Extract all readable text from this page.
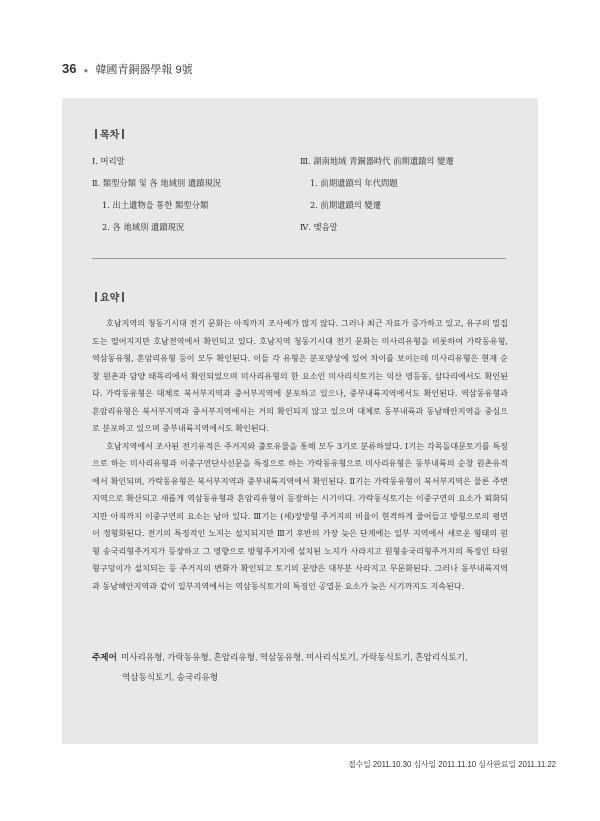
36 ● 韓國青銅器學報 9號
목차
Ⅰ. 머리말
Ⅱ. 類型分類 및 各 地域別 遺蹟現況
1. 出土遺物을 통한 類型分類
2. 各 地域別 遺蹟現況
Ⅲ. 湖南地域 青銅器時代 前期遺蹟의 變遷
1. 前期遺蹟의 年代問題
2. 前期遺蹟의 變遷
Ⅳ. 맺음말
요약

호남지역의 청동기시대 전기 문화는 아직까지 조사예가 많지 않다. 그러나 최근 자료가 증가하고 있고, 유구의 밀집도는 떨어지지만 호남전역에서 확인되고 있다. 호남지역 청동기시대 전기 문화는 미사리유형을 비롯하여 가락동유형, 역삼동유형, 흔암리유형 등이 모두 확인된다. 이들 각 유형은 분포양상에 있어 차이를 보이는데 미사리유형은 현재 순창 원촌과 담양 태목리에서 확인되었으며 미사리유형의 한 요소인 미사리식토기는 익산 영등동, 삼다리에서도 확인된다. 가락동유형은 대체로 북서부지역과 중서부지역에 분포하고 있으나, 중부내륙지역에서도 확인된다. 역삼동유형과 흔암리유형은 북서부지역과 중서부지역에서는 거의 확인되지 않고 있으며 대체로 동부내륙과 동남해안지역을 중심으로 분포하고 있으며 중부내륙지역에서도 확인된다.

호남지역에서 조사된 전기유적은 주거지와 출토유물을 통해 모두 3기로 분류하였다. Ⅰ기는 각목돌대문토기를 특징으로 하는 미사리유형과 이중구연단사선문을 특징으로 하는 가락동유형으로 미사리유형은 동부내륙의 순창 원촌유적에서 확인되며, 가락동유형은 북서부지역과 중부내륙지역에서 확인된다. Ⅱ기는 가락동유형이 북서부지역은 물론 주변지역으로 확산되고 새롭게 역삼동유형과 흔암리유형이 등장하는 시기이다. 가락동식토기는 이중구연의 요소가 퇴화되지만 아직까지 이중구연의 요소는 남아 있다. Ⅲ기는 (세)장방형 주거지의 비율이 현격하게 줄어들고 방형으로의 평면이 정형화된다. 전기의 특징적인 노지는 설치되지만 Ⅲ기 후반의 가장 늦은 단계에는 일부 지역에서 새로운 형태의 원형 송국리형주거지가 등장하고 그 영향으로 방형주거지에 설치된 노지가 사라지고 원형송국리형주거지의 특징인 타원형구덩이가 설치되는 등 주거지의 변화가 확인되고 토기의 문양은 대부분 사라지고 무문화된다. 그러나 동부내륙지역과 동남해안지역과 같이 일부지역에서는 역삼동식토기의 특징인 공열문 요소가 늦은 시기까지도 지속된다.

주제어 미사리유형, 가락동유형, 흔암리유형, 역삼동유형, 미사리식토기, 가락동식토기, 흔암리식토기,
역삼동식토기, 송국리유형
접수일 2011.10.30 심사일 2011.11.10 심사완료일 2011.11.22
